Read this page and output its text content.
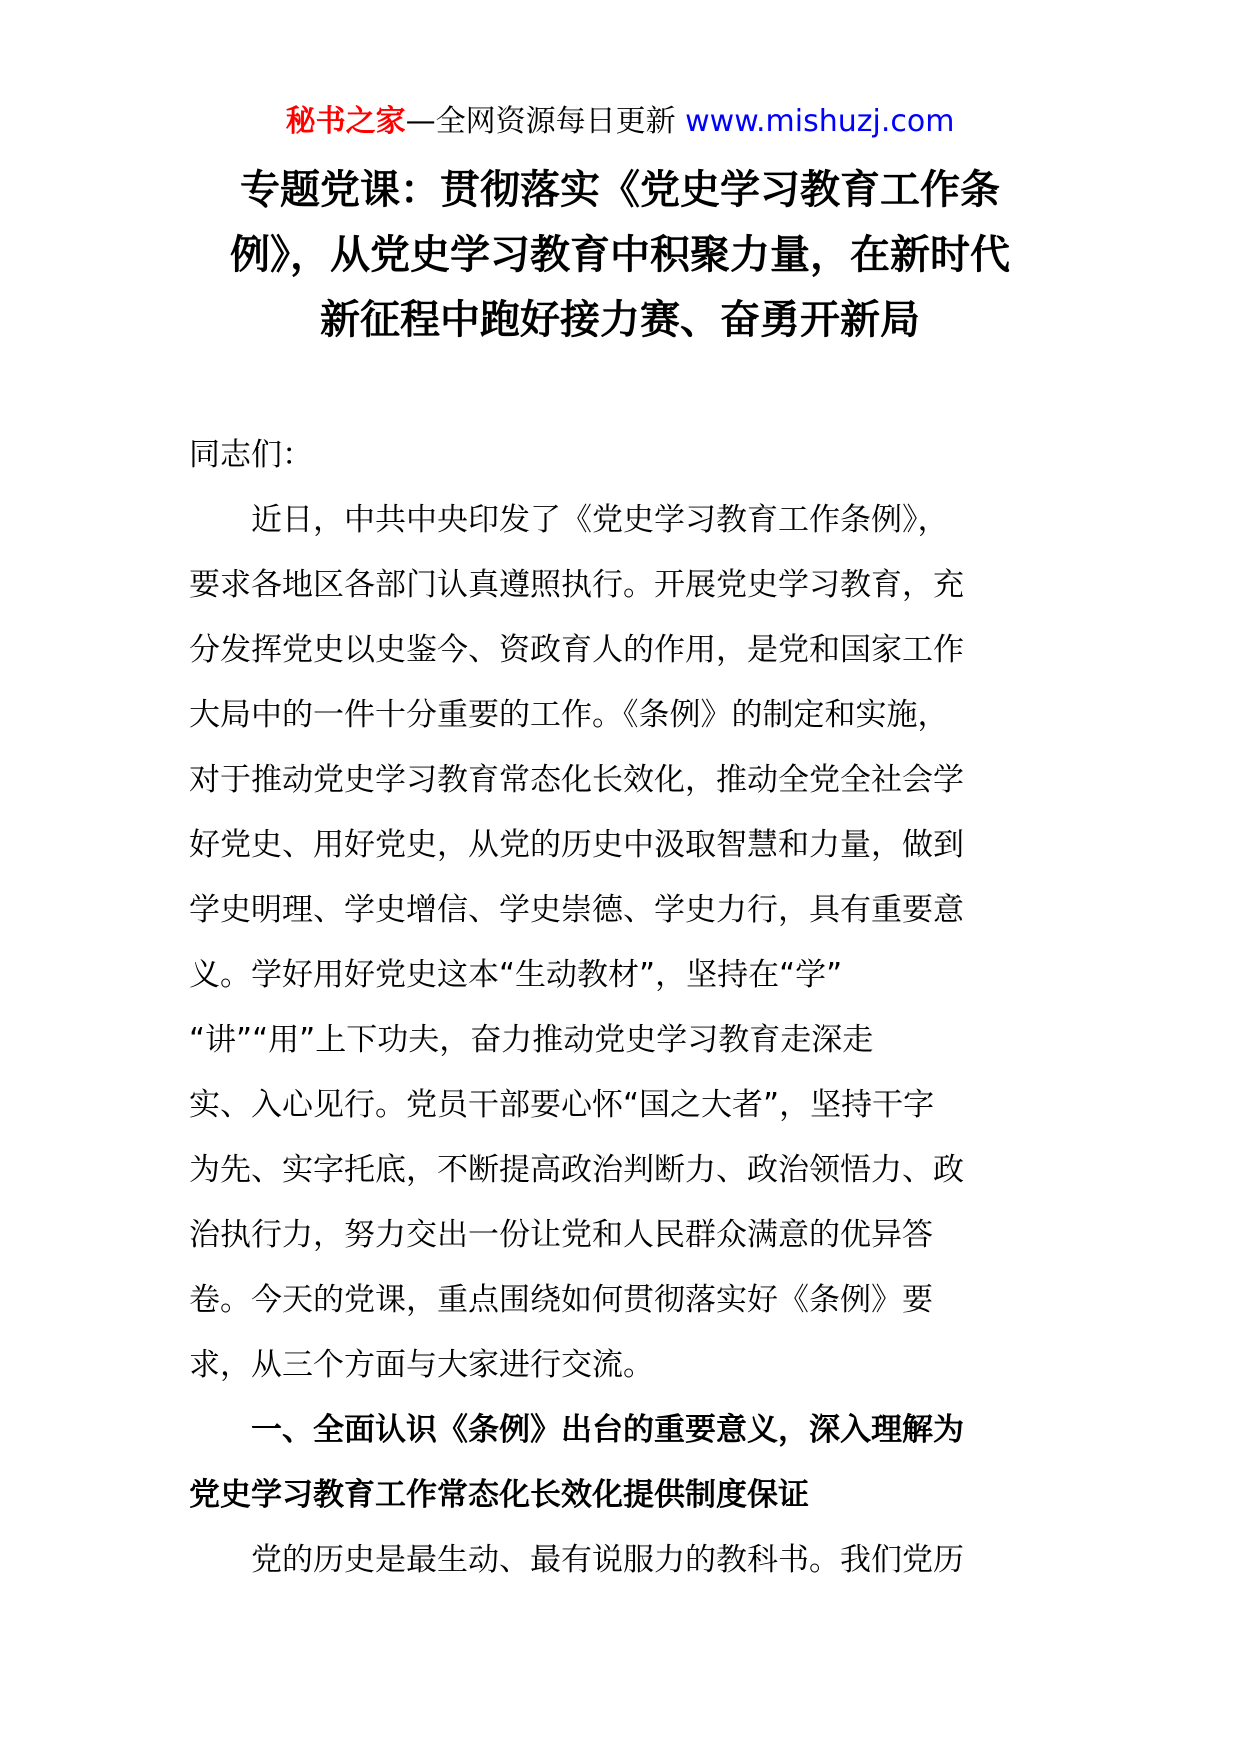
秘书之家—全网资源每日更新 www.mishuzj.com
专题党课：贯彻落实《党史学习教育工作条
例》，从党史学习教育中积聚力量，在新时代
新征程中跑好接力赛、奋勇开新局

同志们：

近日，中共中央印发了《党史学习教育工作条例》，
要求各地区各部门认真遵照执行。开展党史学习教育，充
分发挥党史以史鉴今、资政育人的作用，是党和国家工作
大局中的一件十分重要的工作。《条例》的制定和实施，
对于推动党史学习教育常态化长效化，推动全党全社会学
好党史、用好党史，从党的历史中汲取智慧和力量，做到
学史明理、学史增信、学史崇德、学史力行，具有重要意
义。学好用好党史这本“生动教材”，坚持在“学”
“讲”“用”上下功夫，奋力推动党史学习教育走深走
实、入心见行。党员干部要心怀“国之大者”，坚持干字
为先、实字托底，不断提高政治判断力、政治领悟力、政
治执行力，努力交出一份让党和人民群众满意的优异答
卷。今天的党课，重点围绕如何贯彻落实好《条例》要
求，从三个方面与大家进行交流。

一、全面认识《条例》出台的重要意义，深入理解为
党史学习教育工作常态化长效化提供制度保证

党的历史是最生动、最有说服力的教科书。我们党历
